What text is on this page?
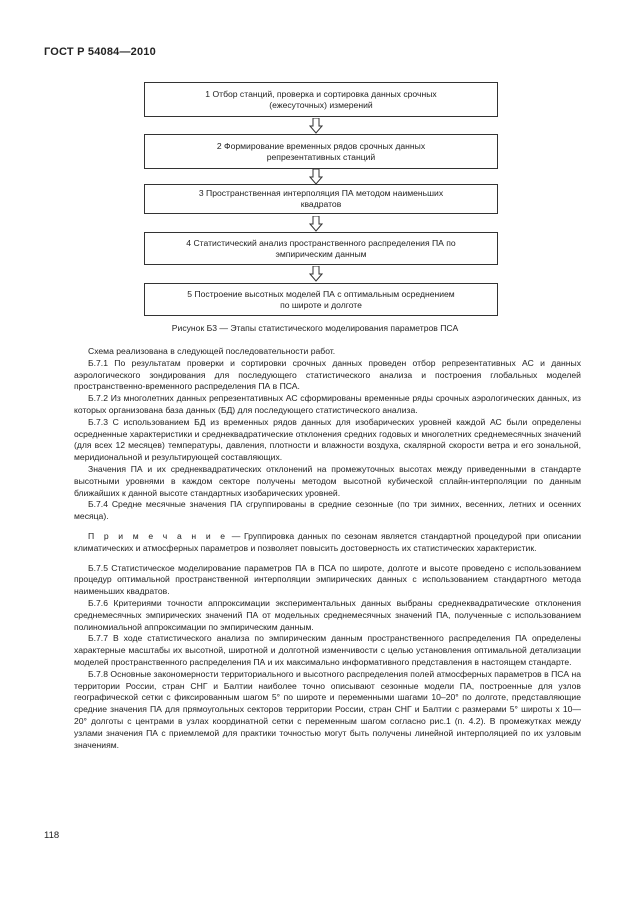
ГОСТ Р 54084—2010
1 Отбор станций, проверка и сортировка данных срочных (ежесуточных) измерений
2 Формирование временных рядов срочных данных репрезентативных станций
3 Пространственная интерполяция ПА методом наименьших квадратов
4 Статистический анализ пространственного распределения ПА по эмпирическим данным
5 Построение высотных моделей ПА с оптимальным осреднением по широте и долготе
Рисунок Б3 — Этапы статистического моделирования параметров ПСА

Схема реализована в следующей последовательности работ.

Б.7.1 По результатам проверки и сортировки срочных данных проведен отбор репрезентативных АС и данных аэрологического зондирования для последующего статистического анализа и построения глобальных моделей пространственно-временного распределения ПА в ПСА.

Б.7.2 Из многолетних данных репрезентативных АС сформированы временные ряды срочных аэрологических данных, из которых организована база данных (БД) для последующего статистического анализа.

Б.7.3 С использованием БД из временных рядов данных для изобарических уровней каждой АС были определены осредненные характеристики и среднеквадратические отклонения средних годовых и многолетних среднемесячных значений (для всех 12 месяцев) температуры, давления, плотности и влажности воздуха, скалярной скорости ветра и его зональной, меридиональной и результирующей составляющих.

Значения ПА и их среднеквадратических отклонений на промежуточных высотах между приведенными в стандарте высотными уровнями в каждом секторе получены методом высотной кубической сплайн-интерполяции по данным ближайших к данной высоте стандартных изобарических уровней.

Б.7.4 Средне месячные значения ПА сгруппированы в средние сезонные (по три зимних, весенних, летних и осенних месяца).

П р и м е ч а н и е — Группировка данных по сезонам является стандартной процедурой при описании климатических и атмосферных параметров и позволяет повысить достоверность их статистических характеристик.

Б.7.5 Статистическое моделирование параметров ПА в ПСА по широте, долготе и высоте проведено с использованием процедур оптимальной пространственной интерполяции эмпирических данных с использованием стандартного метода наименьших квадратов.

Б.7.6 Критериями точности аппроксимации экспериментальных данных выбраны среднеквадратические отклонения среднемесячных эмпирических значений ПА от модельных среднемесячных значений ПА, полученные с использованием полиномиальной аппроксимации по эмпирическим данным.

Б.7.7 В ходе статистического анализа по эмпирическим данным пространственного распределения ПА определены характерные масштабы их высотной, широтной и долготной изменчивости с целью установления оптимальной детализации моделей пространственного распределения ПА и их максимально информативного представления в настоящем стандарте.

Б.7.8 Основные закономерности территориального и высотного распределения полей атмосферных параметров в ПСА на территории России, стран СНГ и Балтии наиболее точно описывают сезонные модели ПА, построенные для узлов географической сетки с фиксированным шагом 5° по широте и переменными шагами 10–20° по долготе, представляющие средние значения ПА для прямоугольных секторов территории России, стран СНГ и Балтии с размерами 5° широты х 10—20° долготы с центрами в узлах координатной сетки с переменным шагом согласно рис.1 (п. 4.2). В промежутках между узлами значения ПА с приемлемой для практики точностью могут быть получены линейной интерполяцией по их узловым значениям.

118
